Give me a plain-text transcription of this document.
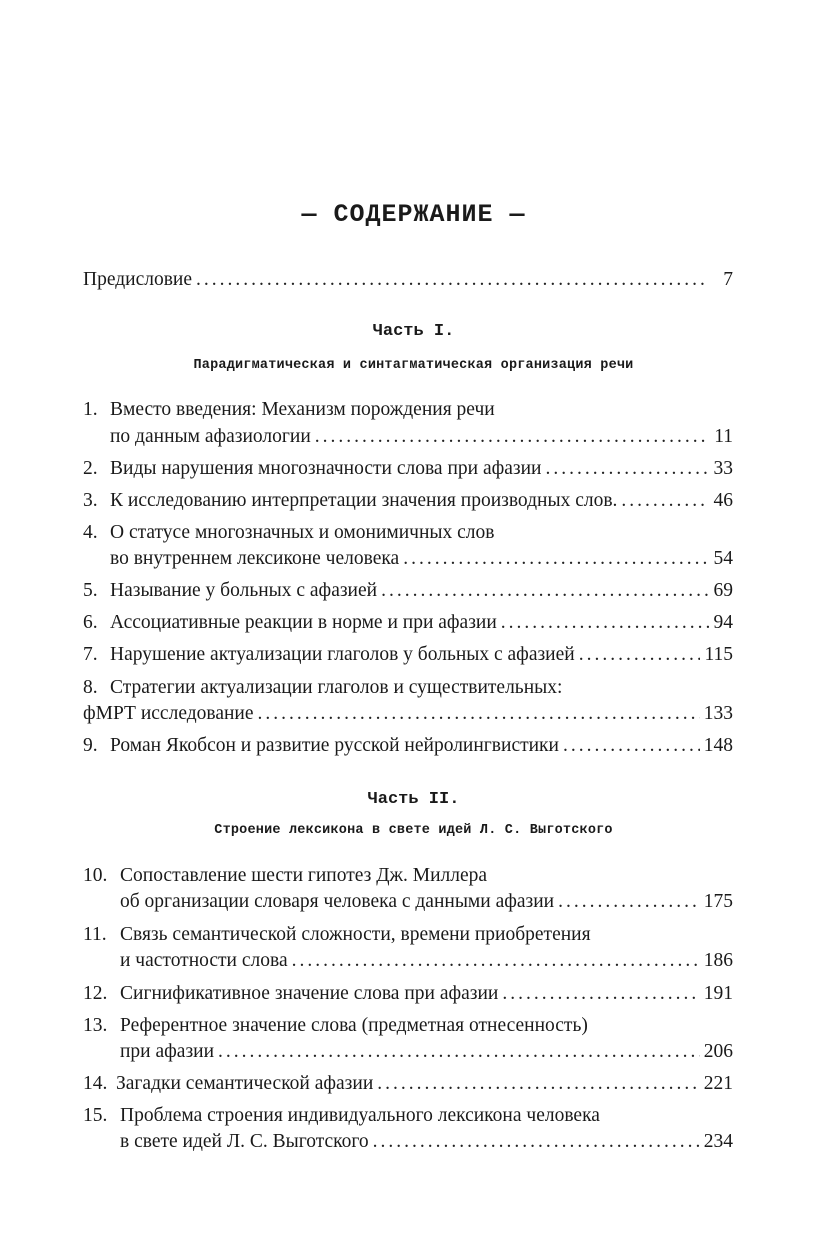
— СОДЕРЖАНИЕ —
Предисловие .....	7
Часть I.
Парадигматическая и синтагматическая организация речи
1. Вместо введения: Механизм порождения речи
по данным афазиологии .....	11
2. Виды нарушения многозначности слова при афазии .....	33
3. К исследованию интерпретации значения производных слов. .....	46
4. О статусе многозначных и омонимичных слов
во внутреннем лексиконе человека .....	54
5. Называние у больных с афазией .....	69
6. Ассоциативные реакции в норме и при афазии .....	94
7. Нарушение актуализации глаголов у больных с афазией .....	115
8. Стратегии актуализации глаголов и существительных:
фМРТ исследование .....	133
9. Роман Якобсон и развитие русской нейролингвистики .....	148
Часть II.
Строение лексикона в свете идей Л. С. Выготского
10. Сопоставление шести гипотез Дж. Миллера
об организации словаря человека с данными афазии .....	175
11. Связь семантической сложности, времени приобретения
и частотности слова .....	186
12. Сигнификативное значение слова при афазии .....	191
13. Референтное значение слова (предметная отнесенность)
при афазии .....	206
14. Загадки семантической афазии .....	221
15. Проблема строения индивидуального лексикона человека
в свете идей Л. С. Выготского .....	234
